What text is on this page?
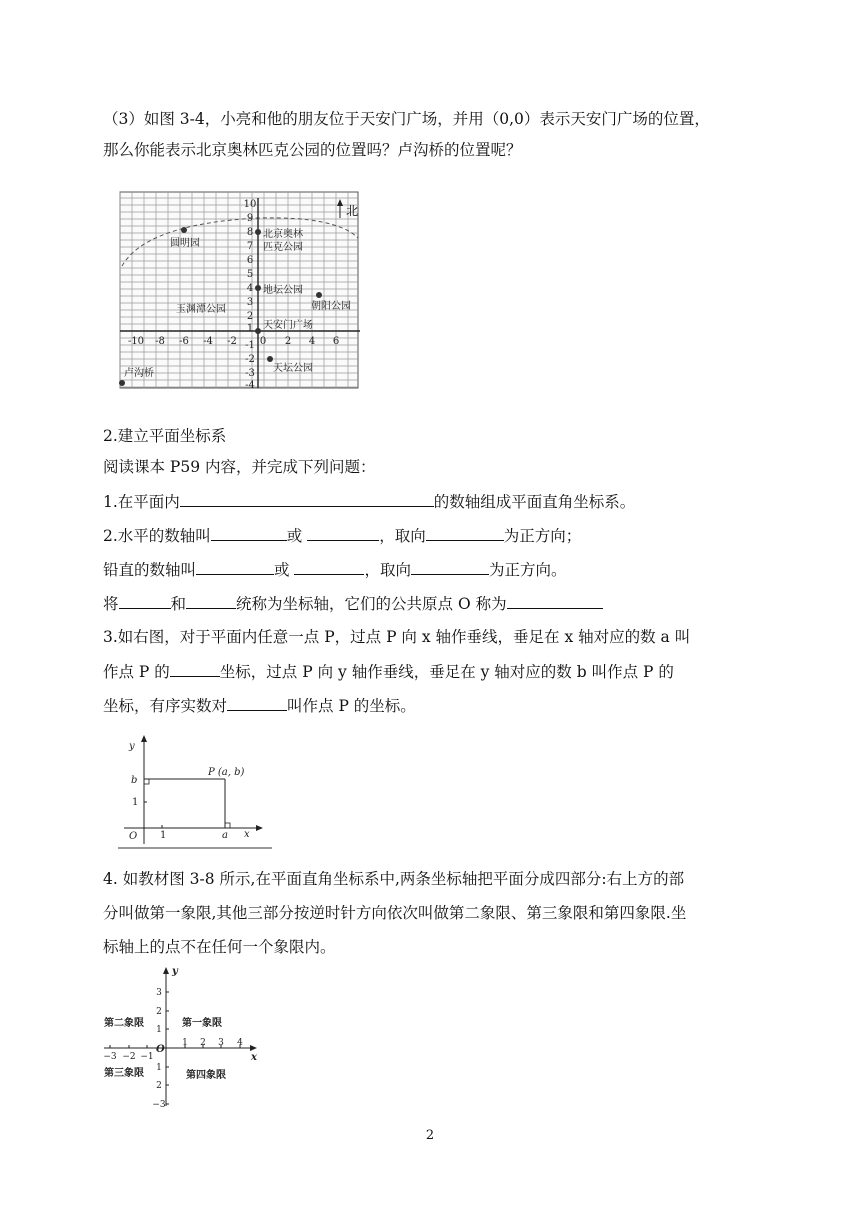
（3）如图 3-4，小亮和他的朋友位于天安门广场，并用（0,0）表示天安门广场的位置，
那么你能表示北京奥林匹克公园的位置吗？卢沟桥的位置呢？
北
10
9
8
7
6
5
4
3
2
1
-1
-2
-3
-4
-10 -8 -6 -4 -2 0 2 4 6
圆明园
北京奥林
匹克公园
地坛公园
朝阳公园
玉渊潭公园
天安门广场
天坛公园
卢沟桥
2.建立平面坐标系
阅读课本 P59 内容，并完成下列问题：
1.在平面内	的数轴组成平面直角坐标系。
2.水平的数轴叫	或	，取向	为正方向；
铅直的数轴叫	或	，取向	为正方向。
将	和	统称为坐标轴，它们的公共原点 O 称为
3.如右图，对于平面内任意一点 P，过点 P 向 x 轴作垂线，垂足在 x 轴对应的数 a 叫
作点 P 的	坐标，过点 P 向 y 轴作垂线，垂足在 y 轴对应的数 b 叫作点 P 的
坐标，有序实数对	叫作点 P 的坐标。
y
x
O
P (a, b)
b
a
1
1
4. 如教材图 3-8 所示,在平面直角坐标系中,两条坐标轴把平面分成四部分:右上方的部
分叫做第一象限,其他三部分按逆时针方向依次叫做第二象限、第三象限和第四象限.坐
标轴上的点不在任何一个象限内。
−3 −2 −1
1 2 3 4
3
2
1
1
2
−3
y
x
O
第一象限
第二象限
第三象限	第四象限
2
